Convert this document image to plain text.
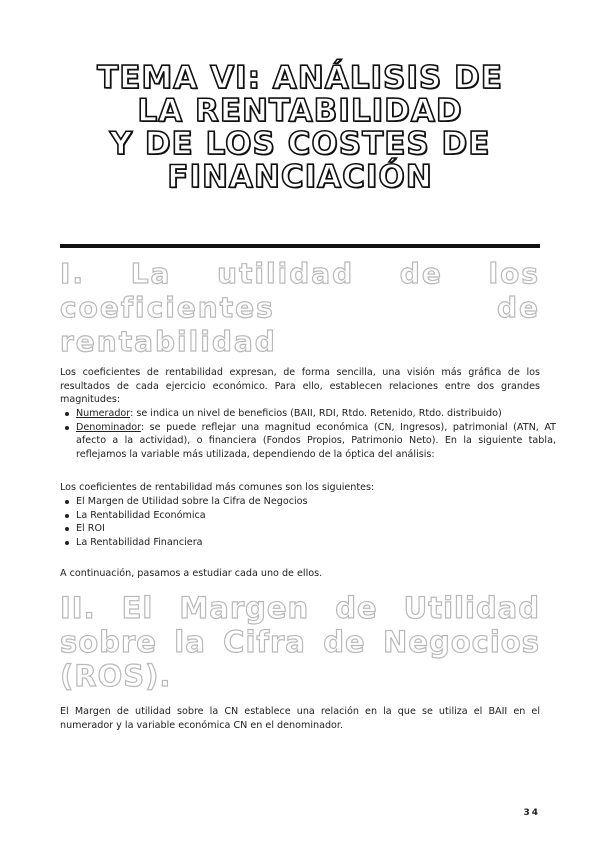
TEMA VI: ANÁLISIS DE
LA RENTABILIDAD
Y DE LOS COSTES DE
FINANCIACIÓN
I. La utilidad de los coeficientes de rentabilidad

Los coeficientes de rentabilidad expresan, de forma sencilla, una visión más gráfica de los resultados de cada ejercicio económico. Para ello, establecen relaciones entre dos grandes magnitudes:

Numerador: se indica un nivel de beneficios (BAII, RDI, Rtdo. Retenido, Rtdo. distribuido)
Denominador: se puede reflejar una magnitud económica (CN, Ingresos), patrimonial (ATN, AT afecto a la actividad), o financiera (Fondos Propios, Patrimonio Neto). En la siguiente tabla, reflejamos la variable más utilizada, dependiendo de la óptica del análisis:

Los coeficientes de rentabilidad más comunes son los siguientes:

El Margen de Utilidad sobre la Cifra de Negocios
La Rentabilidad Económica
El ROI
La Rentabilidad Financiera

A continuación, pasamos a estudiar cada uno de ellos.

II. El Margen de Utilidad sobre la Cifra de Negocios (ROS).

El Margen de utilidad sobre la CN establece una relación en la que se utiliza el BAII en el numerador y la variable económica CN en el denominador.

34
